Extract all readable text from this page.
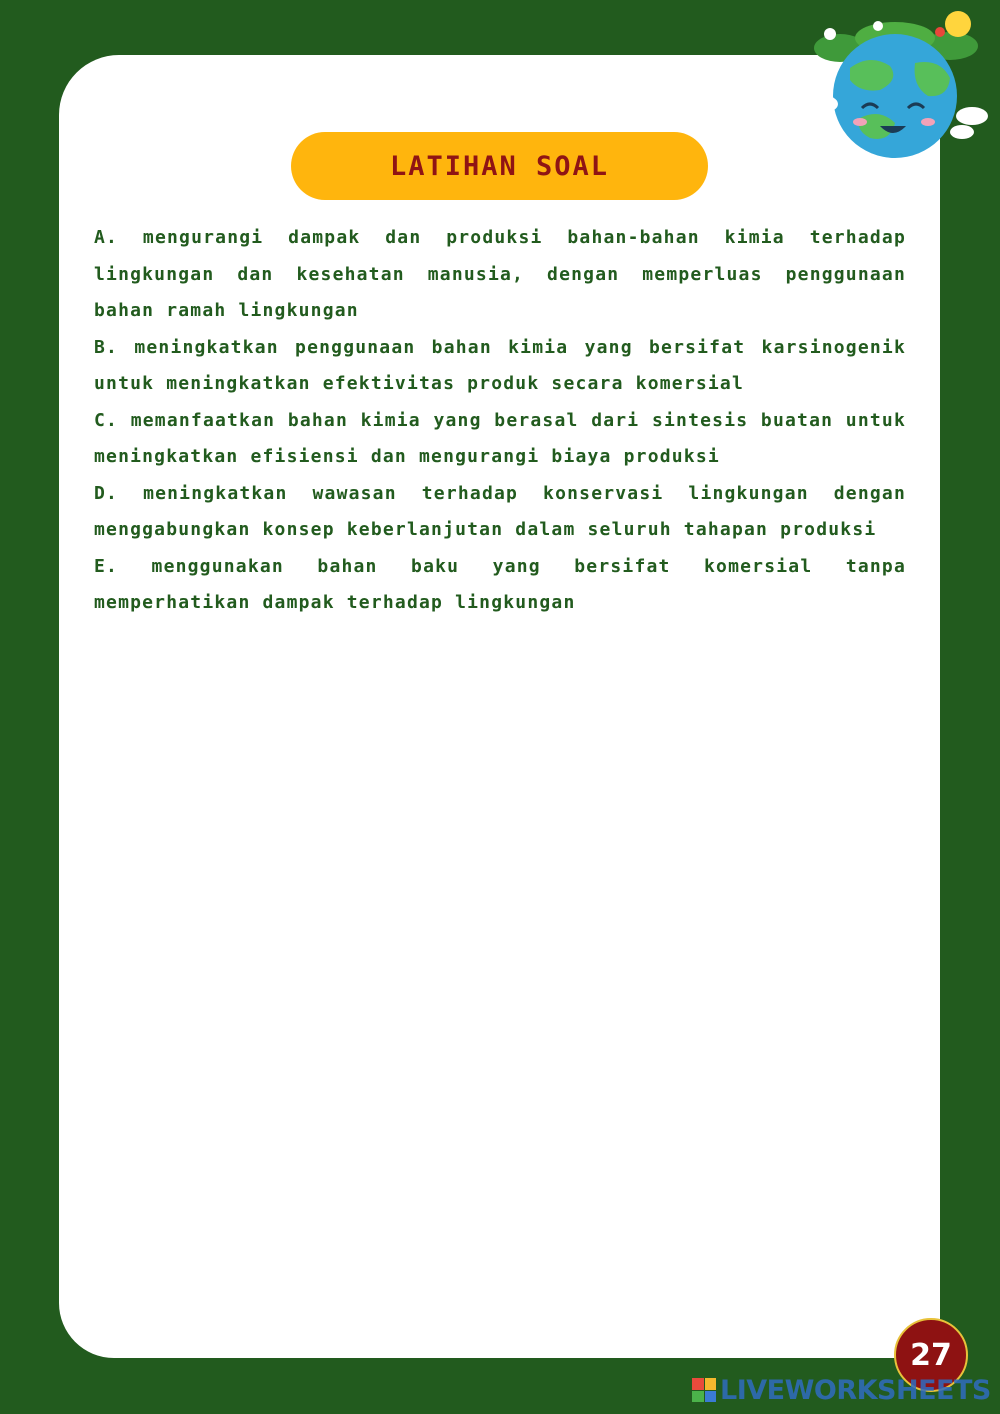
LATIHAN SOAL

A. mengurangi dampak dan produksi bahan-bahan kimia terhadap lingkungan dan kesehatan manusia, dengan memperluas penggunaan bahan ramah lingkungan

B. meningkatkan penggunaan bahan kimia yang bersifat karsinogenik untuk meningkatkan efektivitas produk secara komersial

C. memanfaatkan bahan kimia yang berasal dari sintesis buatan untuk meningkatkan efisiensi dan mengurangi biaya produksi

D. meningkatkan wawasan terhadap konservasi lingkungan dengan menggabungkan konsep keberlanjutan dalam seluruh tahapan produksi

E. menggunakan bahan baku yang bersifat komersial tanpa memperhatikan dampak terhadap lingkungan

27
LIVEWORKSHEETS
